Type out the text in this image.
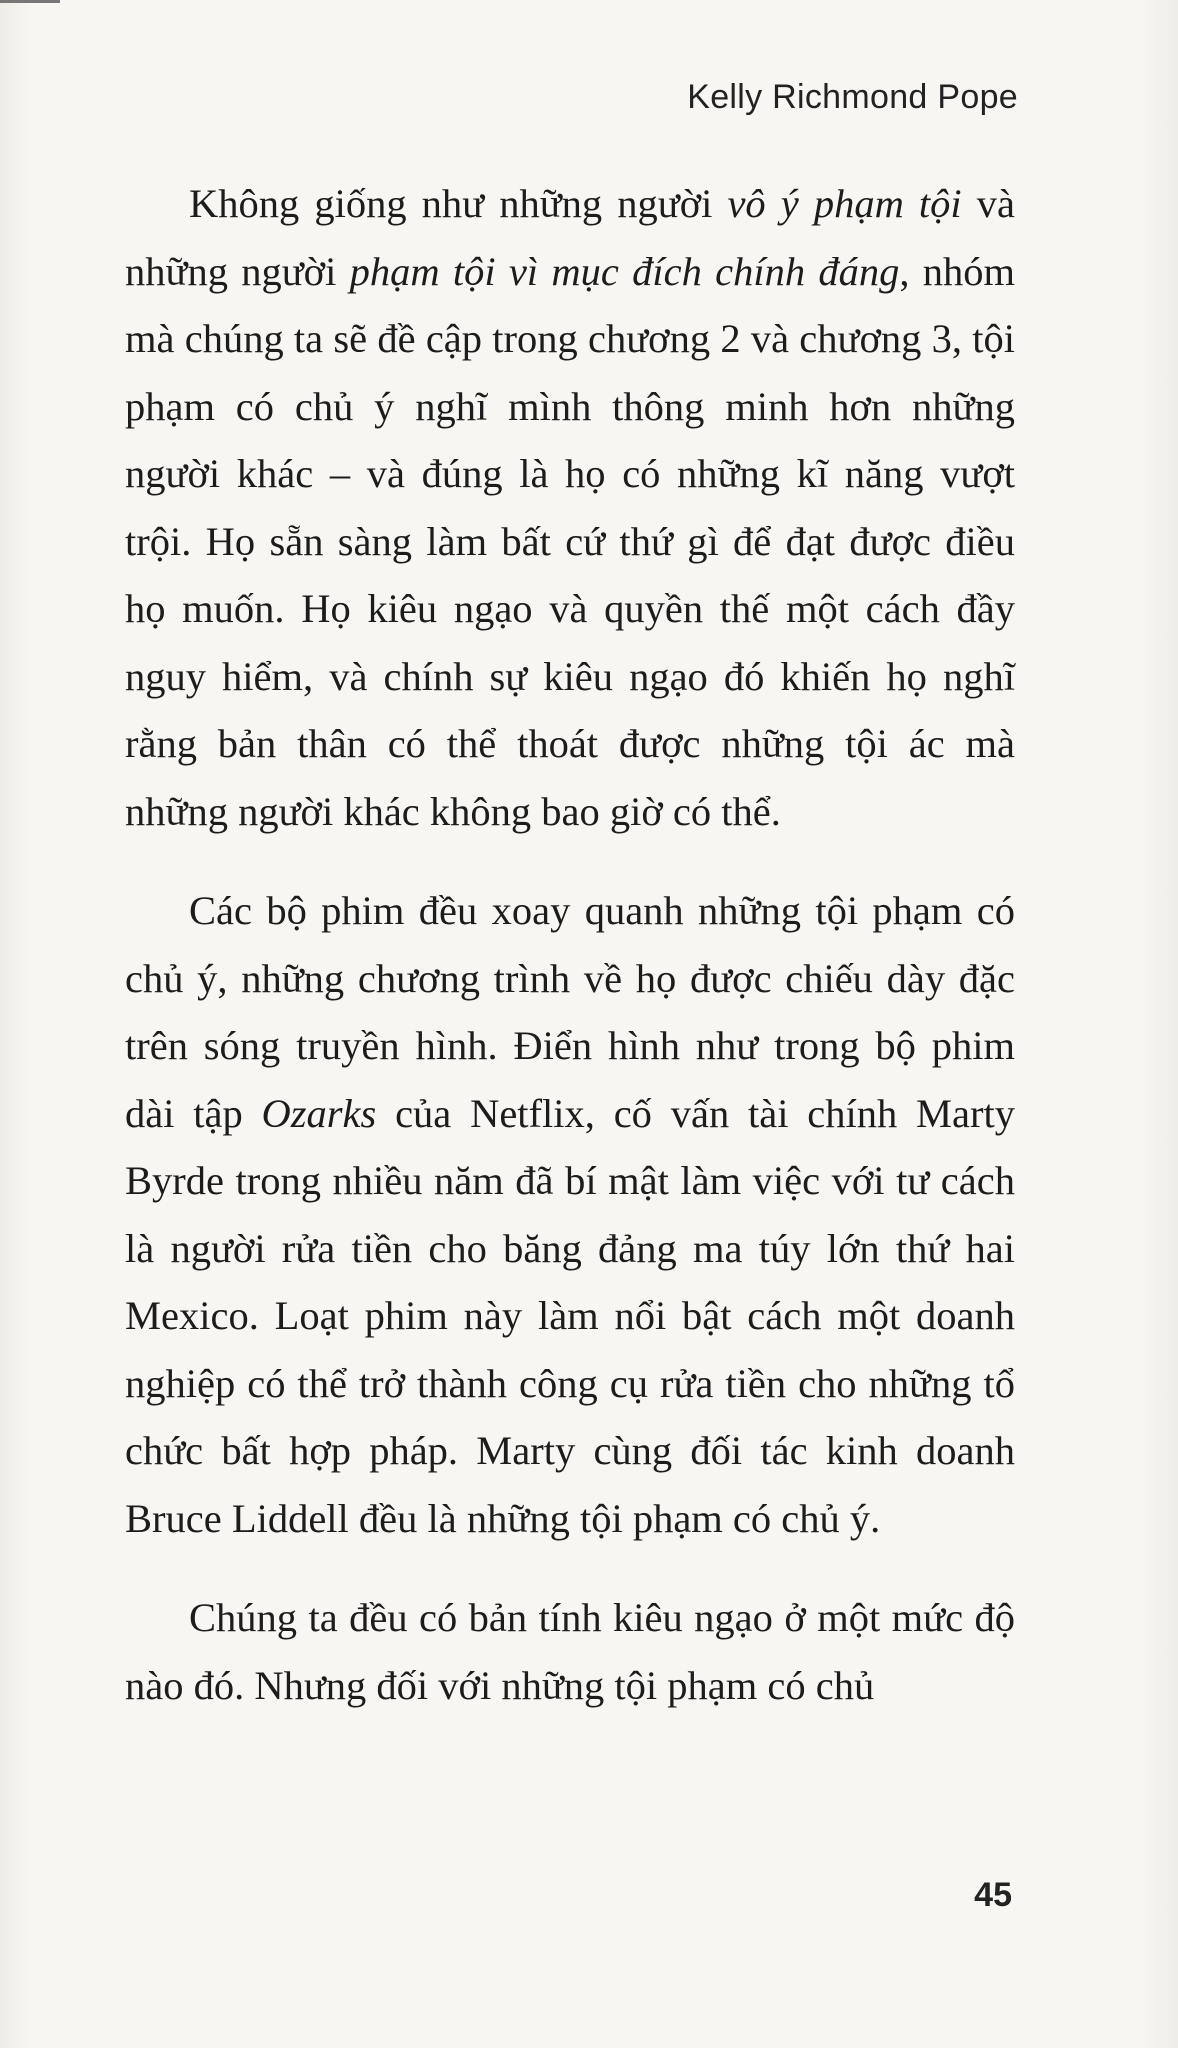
Kelly Richmond Pope

Không giống như những người vô ý phạm tội và những người phạm tội vì mục đích chính đáng, nhóm mà chúng ta sẽ đề cập trong chương 2 và chương 3, tội phạm có chủ ý nghĩ mình thông minh hơn những người khác – và đúng là họ có những kĩ năng vượt trội. Họ sẵn sàng làm bất cứ thứ gì để đạt được điều họ muốn. Họ kiêu ngạo và quyền thế một cách đầy nguy hiểm, và chính sự kiêu ngạo đó khiến họ nghĩ rằng bản thân có thể thoát được những tội ác mà những người khác không bao giờ có thể.

Các bộ phim đều xoay quanh những tội phạm có chủ ý, những chương trình về họ được chiếu dày đặc trên sóng truyền hình. Điển hình như trong bộ phim dài tập Ozarks của Netflix, cố vấn tài chính Marty Byrde trong nhiều năm đã bí mật làm việc với tư cách là người rửa tiền cho băng đảng ma túy lớn thứ hai Mexico. Loạt phim này làm nổi bật cách một doanh nghiệp có thể trở thành công cụ rửa tiền cho những tổ chức bất hợp pháp. Marty cùng đối tác kinh doanh Bruce Liddell đều là những tội phạm có chủ ý.

Chúng ta đều có bản tính kiêu ngạo ở một mức độ nào đó. Nhưng đối với những tội phạm có chủ

45
